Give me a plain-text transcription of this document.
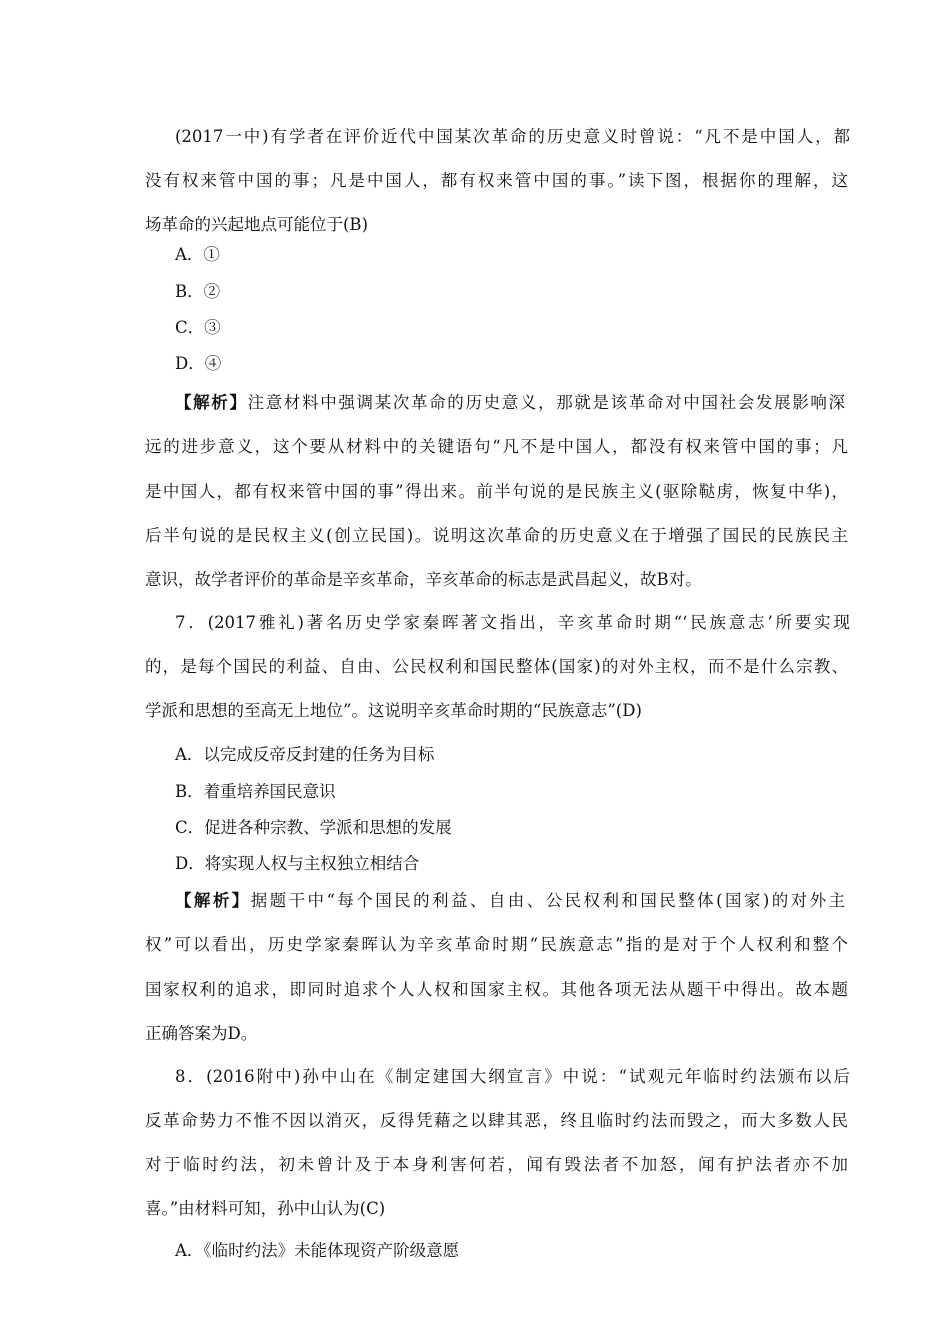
(2017一中)有学者在评价近代中国某次革命的历史意义时曾说：“凡不是中国人，都
没有权来管中国的事；凡是中国人，都有权来管中国的事。”读下图，根据你的理解，这
场革命的兴起地点可能位于(B)
A．①
B．②
C．③
D．④
【解析】注意材料中强调某次革命的历史意义，那就是该革命对中国社会发展影响深
远的进步意义，这个要从材料中的关键语句“凡不是中国人，都没有权来管中国的事；凡
是中国人，都有权来管中国的事”得出来。前半句说的是民族主义(驱除鞑虏，恢复中华)，
后半句说的是民权主义(创立民国)。说明这次革命的历史意义在于增强了国民的民族民主
意识，故学者评价的革命是辛亥革命，辛亥革命的标志是武昌起义，故B对。
7．(2017雅礼)著名历史学家秦晖著文指出，辛亥革命时期“‘民族意志’所要实现
的，是每个国民的利益、自由、公民权利和国民整体(国家)的对外主权，而不是什么宗教、
学派和思想的至高无上地位”。这说明辛亥革命时期的“民族意志”(D)
A．以完成反帝反封建的任务为目标
B．着重培养国民意识
C．促进各种宗教、学派和思想的发展
D．将实现人权与主权独立相结合
【解析】据题干中“每个国民的利益、自由、公民权利和国民整体(国家)的对外主
权”可以看出，历史学家秦晖认为辛亥革命时期“民族意志”指的是对于个人权利和整个
国家权利的追求，即同时追求个人人权和国家主权。其他各项无法从题干中得出。故本题
正确答案为D。
8．(2016附中)孙中山在《制定建国大纲宣言》中说：“试观元年临时约法颁布以后
反革命势力不惟不因以消灭，反得凭藉之以肆其恶，终且临时约法而毁之，而大多数人民
对于临时约法，初未曾计及于本身利害何若，闻有毁法者不加怒，闻有护法者亦不加
喜。”由材料可知，孙中山认为(C)
A．《临时约法》未能体现资产阶级意愿
